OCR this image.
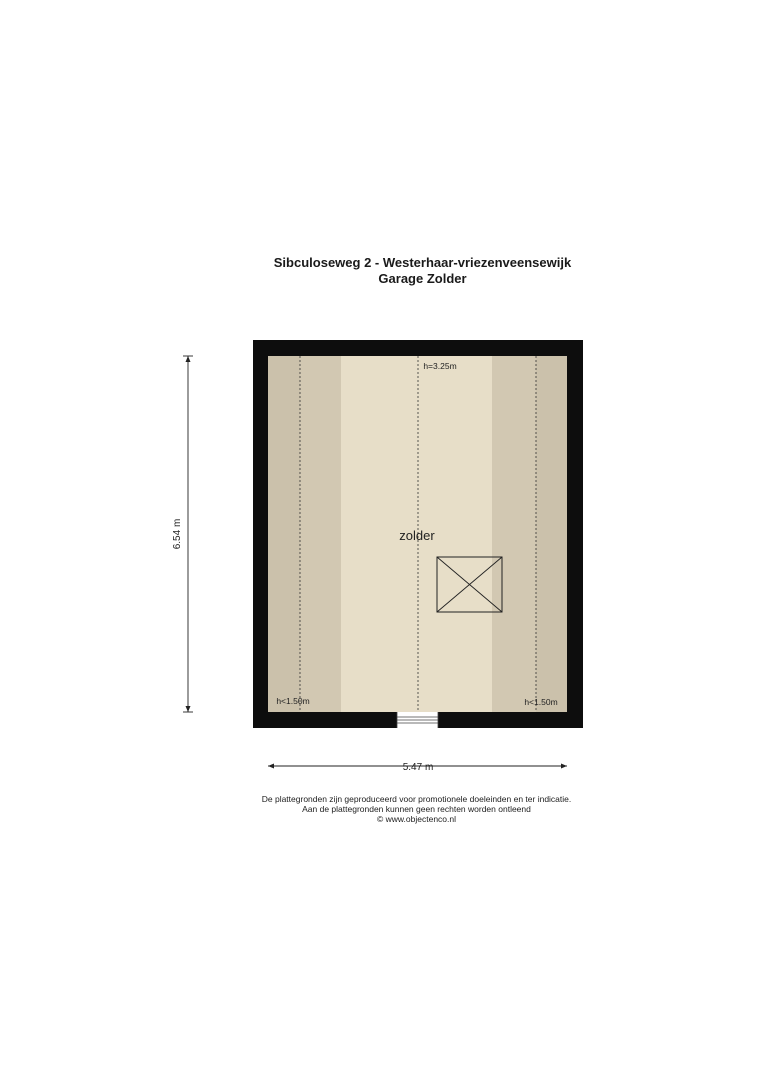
Sibculoseweg 2 - Westerhaar-vriezenveensewijk
Garage Zolder
zolder
h=3.25m
h<1.50m	h<1.50m
6.54 m
5.47 m
De plattegronden zijn geproduceerd voor promotionele doeleinden en ter indicatie.
Aan de plattegronden kunnen geen rechten worden ontleend
© www.objectenco.nl
